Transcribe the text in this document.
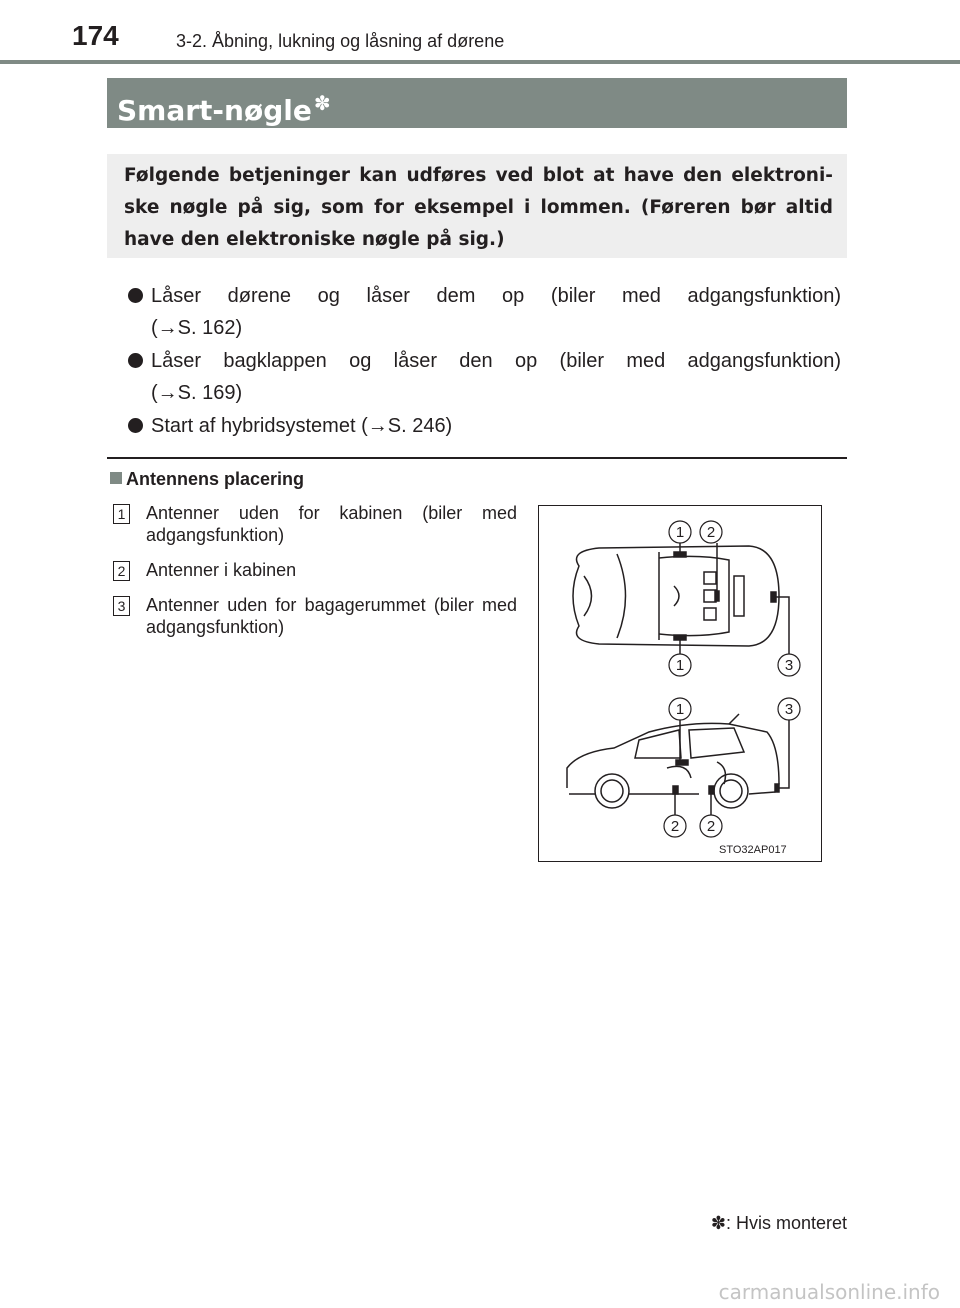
174	3-2. Åbning, lukning og låsning af dørene
Smart-nøgle ✽
Følgende betjeninger kan udføres ved blot at have den elektroni- ske nøgle på sig, som for eksempel i lommen. (Føreren bør altid have den elektroniske nøgle på sig.)
Låser dørene og låser dem op (biler med adgangsfunktion)
(→S. 162)
Låser bagklappen og låser den op (biler med adgangsfunktion)
(→S. 169)
Start af hybridsystemet (→S. 246)
Antennens placering
1 Antenner uden for kabinen (biler med adgangsfunktion)
2 Antenner i kabinen
3 Antenner uden for bagagerummet (biler med adgangsfunktion)
1 2
1	3
1	3
2 2
STO32AP017
✽: Hvis monteret
carmanualsonline.info
